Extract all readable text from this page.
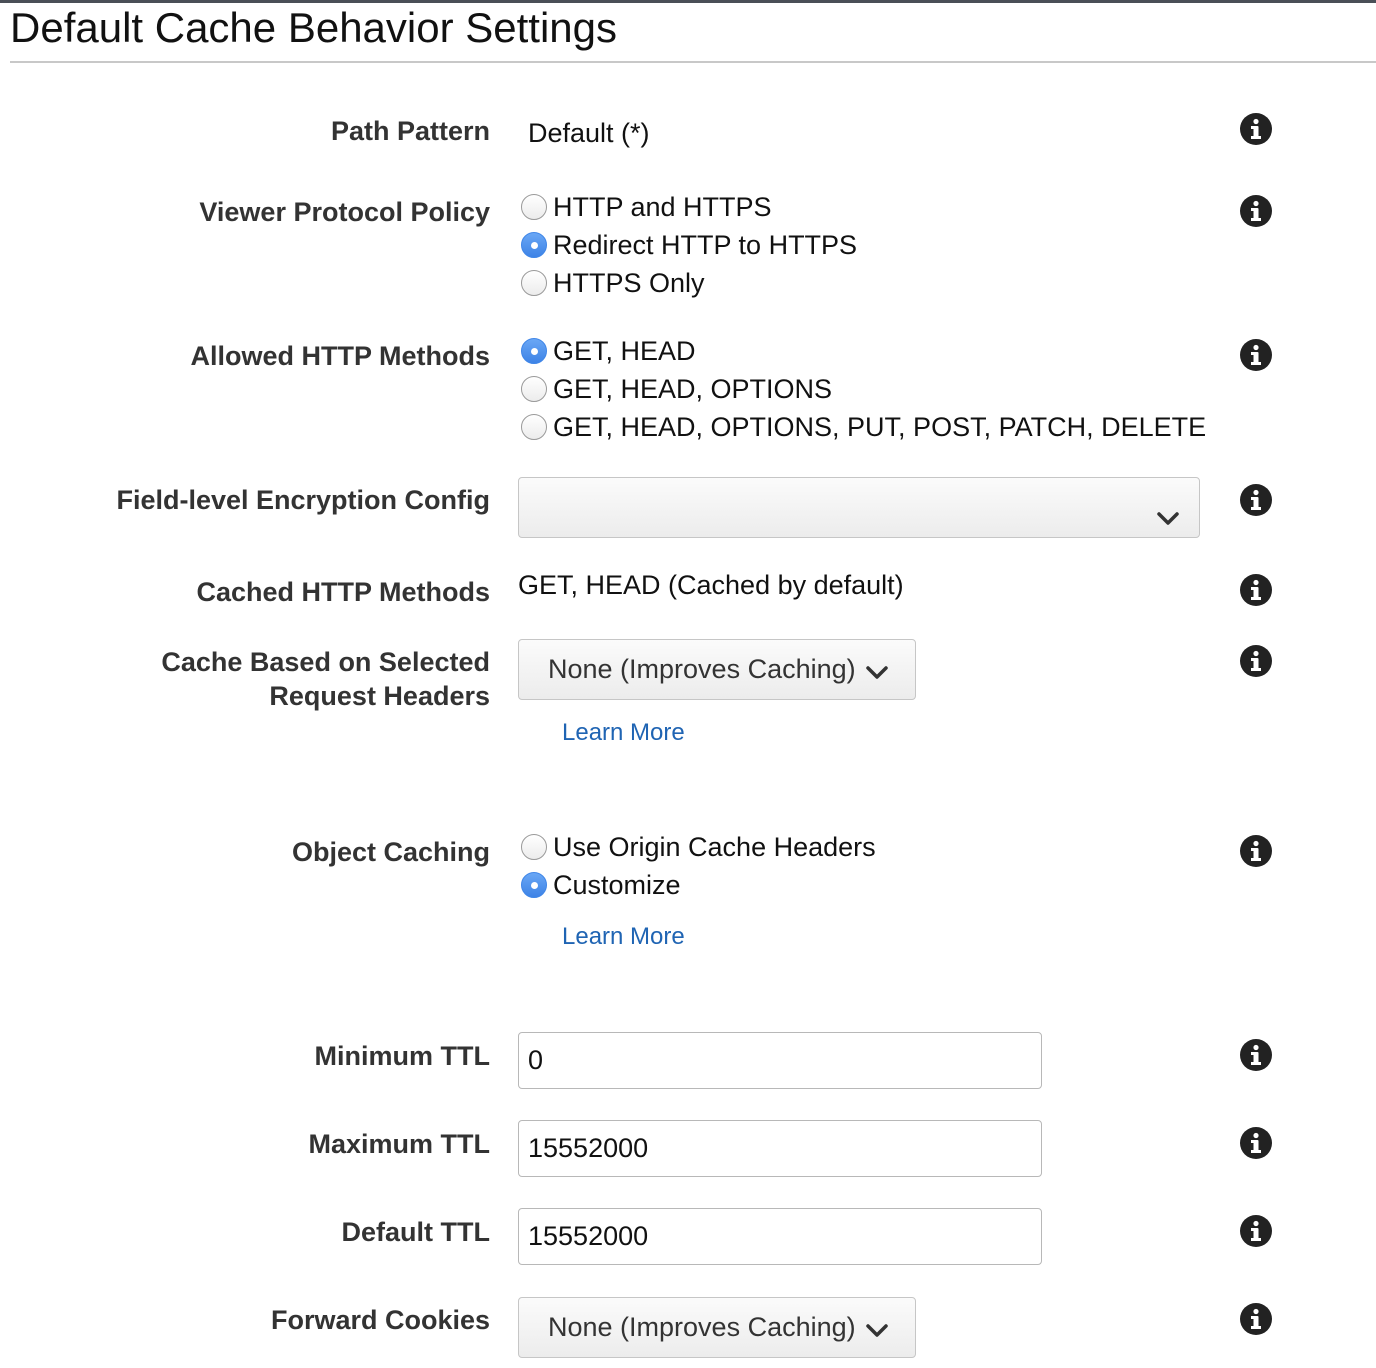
Default Cache Behavior Settings
Path Pattern Default (*)
Viewer Protocol Policy HTTP and HTTPS
Redirect HTTP to HTTPS
HTTPS Only
Allowed HTTP Methods GET, HEAD
GET, HEAD, OPTIONS
GET, HEAD, OPTIONS, PUT, POST, PATCH, DELETE
Field-level Encryption Config
Cached HTTP Methods GET, HEAD (Cached by default)
Cache Based on Selected
Request Headers
None (Improves Caching)
Learn More
Object Caching Use Origin Cache Headers
Customize
Learn More
Minimum TTL
0
Maximum TTL
15552000
Default TTL
15552000
Forward Cookies None (Improves Caching)
